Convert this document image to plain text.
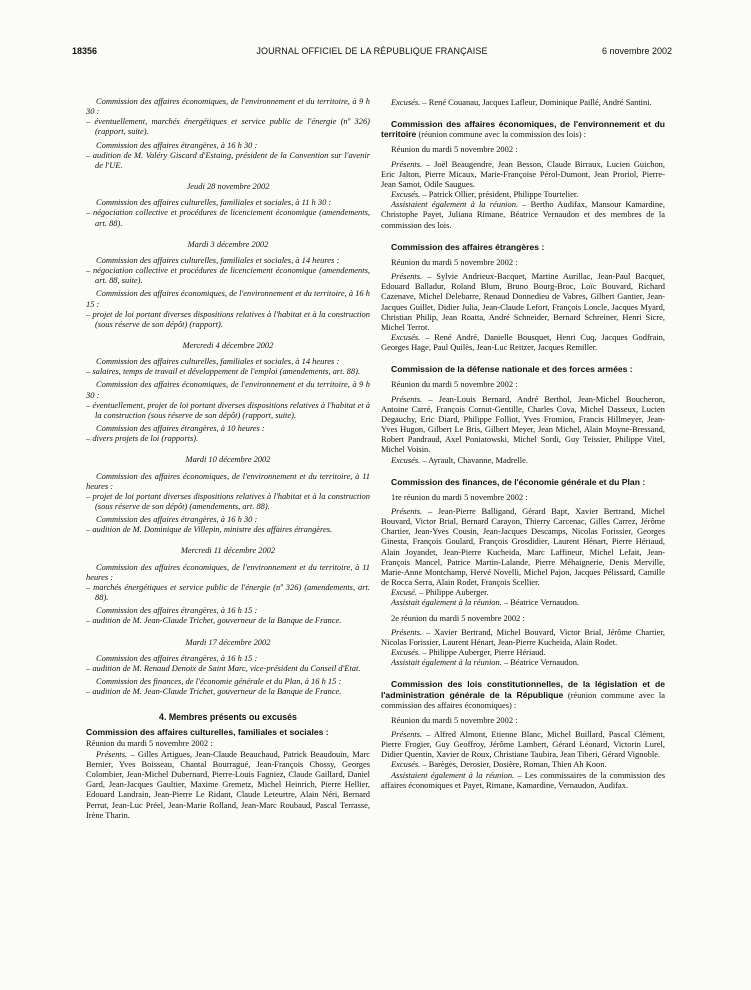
18356	JOURNAL OFFICIEL DE LA RÉPUBLIQUE FRANÇAISE	6 novembre 2002

Commission des affaires économiques, de l'environnement et du territoire, à 9 h 30 :

– éventuellement, marchés énergétiques et service public de l'énergie (nº 326) (rapport, suite).

Commission des affaires étrangères, à 16 h 30 :

– audition de M. Valéry Giscard d'Estaing, président de la Convention sur l'avenir de l'UE.

Jeudi 28 novembre 2002

Commission des affaires culturelles, familiales et sociales, à 11 h 30 :

– négociation collective et procédures de licenciement économique (amendements, art. 88).

Mardi 3 décembre 2002

Commission des affaires culturelles, familiales et sociales, à 14 heures :

– négociation collective et procédures de licenciement économique (amendements, art. 88, suite).

Commission des affaires économiques, de l'environnement et du territoire, à 16 h 15 :

– projet de loi portant diverses dispositions relatives à l'habitat et à la construction (sous réserve de son dépôt) (rapport).

Mercredi 4 décembre 2002

Commission des affaires culturelles, familiales et sociales, à 14 heures :

– salaires, temps de travail et développement de l'emploi (amendements, art. 88).

Commission des affaires économiques, de l'environnement et du territoire, à 9 h 30 :

– éventuellement, projet de loi portant diverses dispositions relatives à l'habitat et à la construction (sous réserve de son dépôt) (rapport, suite).

Commission des affaires étrangères, à 10 heures :

– divers projets de loi (rapports).

Mardi 10 décembre 2002

Commission des affaires économiques, de l'environnement et du territoire, à 11 heures :

– projet de loi portant diverses dispositions relatives à l'habitat et à la construction (sous réserve de son dépôt) (amendements, art. 88).

Commission des affaires étrangères, à 16 h 30 :

– audition de M. Dominique de Villepin, ministre des affaires étrangères.

Mercredi 11 décembre 2002

Commission des affaires économiques, de l'environnement et du territoire, à 11 heures :

– marchés énergétiques et service public de l'énergie (nº 326) (amendements, art. 88).

Commission des affaires étrangères, à 16 h 15 :

– audition de M. Jean-Claude Trichet, gouverneur de la Banque de France.

Mardi 17 décembre 2002

Commission des affaires étrangères, à 16 h 15 :

– audition de M. Renaud Denoix de Saint Marc, vice-président du Conseil d'Etat.

Commission des finances, de l'économie générale et du Plan, à 16 h 15 :

– audition de M. Jean-Claude Trichet, gouverneur de la Banque de France.

4. Membres présents ou excusés

Commission des affaires culturelles, familiales et sociales :

Réunion du mardi 5 novembre 2002 :

Présents. – Gilles Artigues, Jean-Claude Beauchaud, Patrick Beaudouin, Marc Bernier, Yves Boisseau, Chantal Bourragué, Jean-François Chossy, Georges Colombier, Jean-Michel Dubernard, Pierre-Louis Fagniez, Claude Gaillard, Daniel Gard, Jean-Jacques Gaultier, Maxime Gremetz, Michel Heinrich, Pierre Hellier, Edouard Landrain, Jean-Pierre Le Ridant, Claude Leteurtre, Alain Néri, Bernard Perrut, Jean-Luc Préel, Jean-Marie Rolland, Jean-Marc Roubaud, Pascal Terrasse, Irène Tharin.

Excusés. – René Couanau, Jacques Lafleur, Dominique Paillé, André Santini.

Commission des affaires économiques, de l'environnement et du territoire (réunion commune avec la commission des lois) :

Réunion du mardi 5 novembre 2002 :

Présents. – Joël Beaugendre, Jean Besson, Claude Birraux, Lucien Guichon, Eric Jalton, Pierre Micaux, Marie-Françoise Pérol-Dumont, Jean Proriol, Pierre-Jean Samot, Odile Saugues.

Excusés. – Patrick Ollier, président, Philippe Tourtelier.

Assistaient également à la réunion. – Bertho Audifax, Mansour Kamardine, Christophe Payet, Juliana Rimane, Béatrice Vernaudon et des membres de la commission des lois.

Commission des affaires étrangères :

Réunion du mardi 5 novembre 2002 :

Présents. – Sylvie Andrieux-Bacquet, Martine Aurillac, Jean-Paul Bacquet, Edouard Balladur, Roland Blum, Bruno Bourg-Broc, Loïc Bouvard, Richard Cazenave, Michel Delebarre, Renaud Donnedieu de Vabres, Gilbert Gantier, Jean-Jacques Guillet, Didier Julia, Jean-Claude Lefort, François Loncle, Jacques Myard, Christian Philip, Jean Roatta, André Schneider, Bernard Schreiner, Henri Sicre, Michel Terrot.

Excusés. – René André, Danielle Bousquet, Henri Cuq, Jacques Godfrain, Georges Hage, Paul Quilès, Jean-Luc Reitzer, Jacques Remiller.

Commission de la défense nationale et des forces armées :

Réunion du mardi 5 novembre 2002 :

Présents. – Jean-Louis Bernard, André Berthol, Jean-Michel Boucheron, Antoine Carré, François Cornut-Gentille, Charles Cova, Michel Dasseux, Lucien Degauchy, Eric Diard, Philippe Folliot, Yves Fromion, Francis Hillmeyer, Jean-Yves Hugon, Gilbert Le Bris, Gilbert Meyer, Jean Michel, Alain Moyne-Bressand, Robert Pandraud, Axel Poniatowski, Michel Sordi, Guy Teissier, Philippe Vitel, Michel Voisin.

Excusés. – Ayrault, Chavanne, Madrelle.

Commission des finances, de l'économie générale et du Plan :

1re réunion du mardi 5 novembre 2002 :

Présents. – Jean-Pierre Balligand, Gérard Bapt, Xavier Bertrand, Michel Bouvard, Victor Brial, Bernard Carayon, Thierry Carcenac, Gilles Carrez, Jérôme Chartier, Jean-Yves Cousin, Jean-Jacques Descamps, Nicolas Forissier, Georges Ginesta, François Goulard, François Grosdidier, Laurent Hénart, Pierre Hériaud, Alain Joyandet, Jean-Pierre Kucheida, Marc Laffineur, Michel Lefait, Jean-François Mancel, Patrice Martin-Lalande, Pierre Méhaignerie, Denis Merville, Marie-Anne Montchamp, Hervé Novelli, Michel Pajon, Jacques Pélissard, Camille de Rocca Serra, Alain Rodet, François Scellier.

Excusé. – Philippe Auberger.

Assistait également à la réunion. – Béatrice Vernaudon.

2e réunion du mardi 5 novembre 2002 :

Présents. – Xavier Bertrand, Michel Bouvard, Victor Brial, Jérôme Chartier, Nicolas Forissier, Laurent Hénart, Jean-Pierre Kucheida, Alain Rodet.

Excusés. – Philippe Auberger, Pierre Hériaud.

Assistait également à la réunion. – Béatrice Vernaudon.

Commission des lois constitutionnelles, de la législation et de l'administration générale de la République (réunion commune avec la commission des affaires économiques) :

Réunion du mardi 5 novembre 2002 :

Présents. – Alfred Almont, Etienne Blanc, Michel Buillard, Pascal Clément, Pierre Frogier, Guy Geoffroy, Jérôme Lambert, Gérard Léonard, Victorin Lurel, Didier Quentin, Xavier de Roux, Christiane Taubira, Jean Tiberi, Gérard Vignoble.

Excusés. – Barèges, Derosier, Dosière, Roman, Thien Ah Koon.

Assistaient également à la réunion. – Les commissaires de la commission des affaires économiques et Payet, Rimane, Kamardine, Vernaudon, Audifax.
